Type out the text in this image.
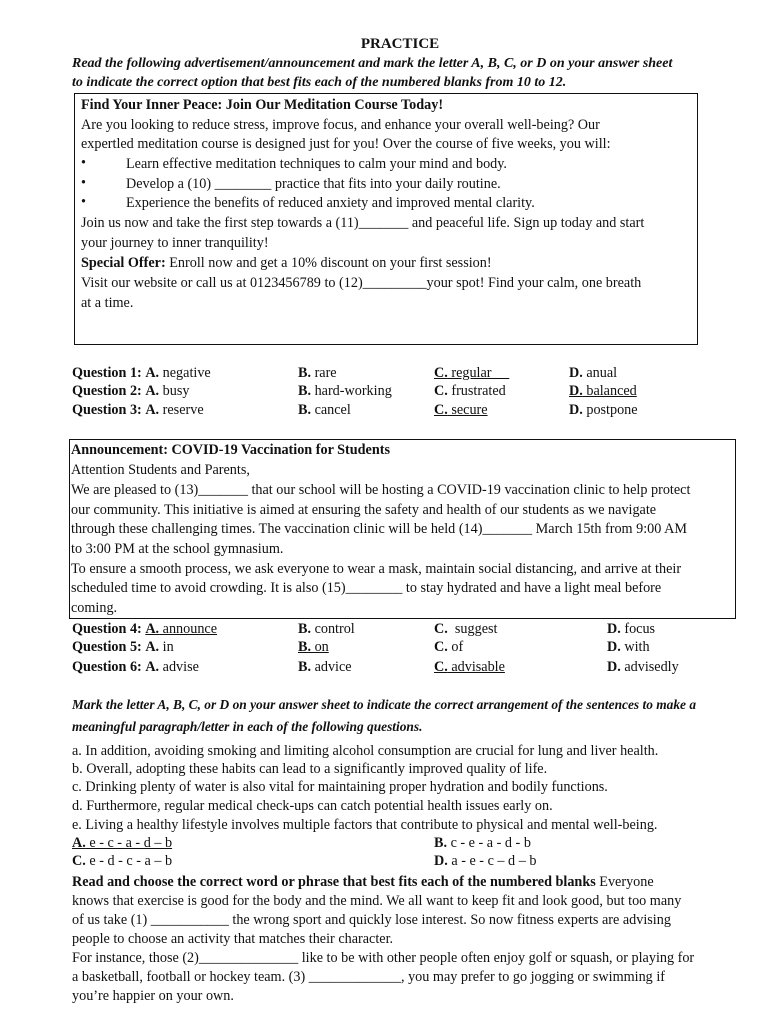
PRACTICE
Read the following advertisement/announcement and mark the letter A, B, C, or D on your answer sheet
to indicate the correct option that best fits each of the numbered blanks from 10 to 12.
Find Your Inner Peace: Join Our Meditation Course Today!
Are you looking to reduce stress, improve focus, and enhance your overall well-being? Our
expertled meditation course is designed just for you! Over the course of five weeks, you will:
•	Learn effective meditation techniques to calm your mind and body.
•	Develop a (10) ________ practice that fits into your daily routine.
•	Experience the benefits of reduced anxiety and improved mental clarity.
Join us now and take the first step towards a (11)_______ and peaceful life. Sign up today and start
your journey to inner tranquility!
Special Offer: Enroll now and get a 10% discount on your first session!
Visit our website or call us at 0123456789 to (12)_________your spot! Find your calm, one breath
at a time.
Question 1: A. negative	B. rare	C. regular	D. anual
Question 2: A. busy	B. hard-working	C. frustrated	D. balanced
Question 3: A. reserve	B. cancel	C. secure	D. postpone
Announcement: COVID-19 Vaccination for Students
Attention Students and Parents,
We are pleased to (13)_______ that our school will be hosting a COVID-19 vaccination clinic to help protect
our community. This initiative is aimed at ensuring the safety and health of our students as we navigate
through these challenging times. The vaccination clinic will be held (14)_______ March 15th from 9:00 AM
to 3:00 PM at the school gymnasium.
To ensure a smooth process, we ask everyone to wear a mask, maintain social distancing, and arrive at their
scheduled time to avoid crowding. It is also (15)________ to stay hydrated and have a light meal before
coming.
Question 4: A. announce	B. control	C.  suggest	D. focus
Question 5: A. in	B. on	C. of	D. with
Question 6: A. advise	B. advice	C. advisable	D. advisedly
Mark the letter A, B, C, or D on your answer sheet to indicate the correct arrangement of the sentences to make a
meaningful paragraph/letter in each of the following questions.
a. In addition, avoiding smoking and limiting alcohol consumption are crucial for lung and liver health.
b. Overall, adopting these habits can lead to a significantly improved quality of life.
c. Drinking plenty of water is also vital for maintaining proper hydration and bodily functions.
d. Furthermore, regular medical check-ups can catch potential health issues early on.
e. Living a healthy lifestyle involves multiple factors that contribute to physical and mental well-being.
A. e - c - a - d – b	B. c - e - a - d - b
C. e - d - c - a – b	D. a - e - c – d – b
Read and choose the correct word or phrase that best fits each of the numbered blanks Everyone
knows that exercise is good for the body and the mind. We all want to keep fit and look good, but too many
of us take (1) ___________ the wrong sport and quickly lose interest. So now fitness experts are advising
people to choose an activity that matches their character.
For instance, those (2)______________ like to be with other people often enjoy golf or squash, or playing for
a basketball, football or hockey team. (3) _____________, you may prefer to go jogging or swimming if
you’re happier on your own.
